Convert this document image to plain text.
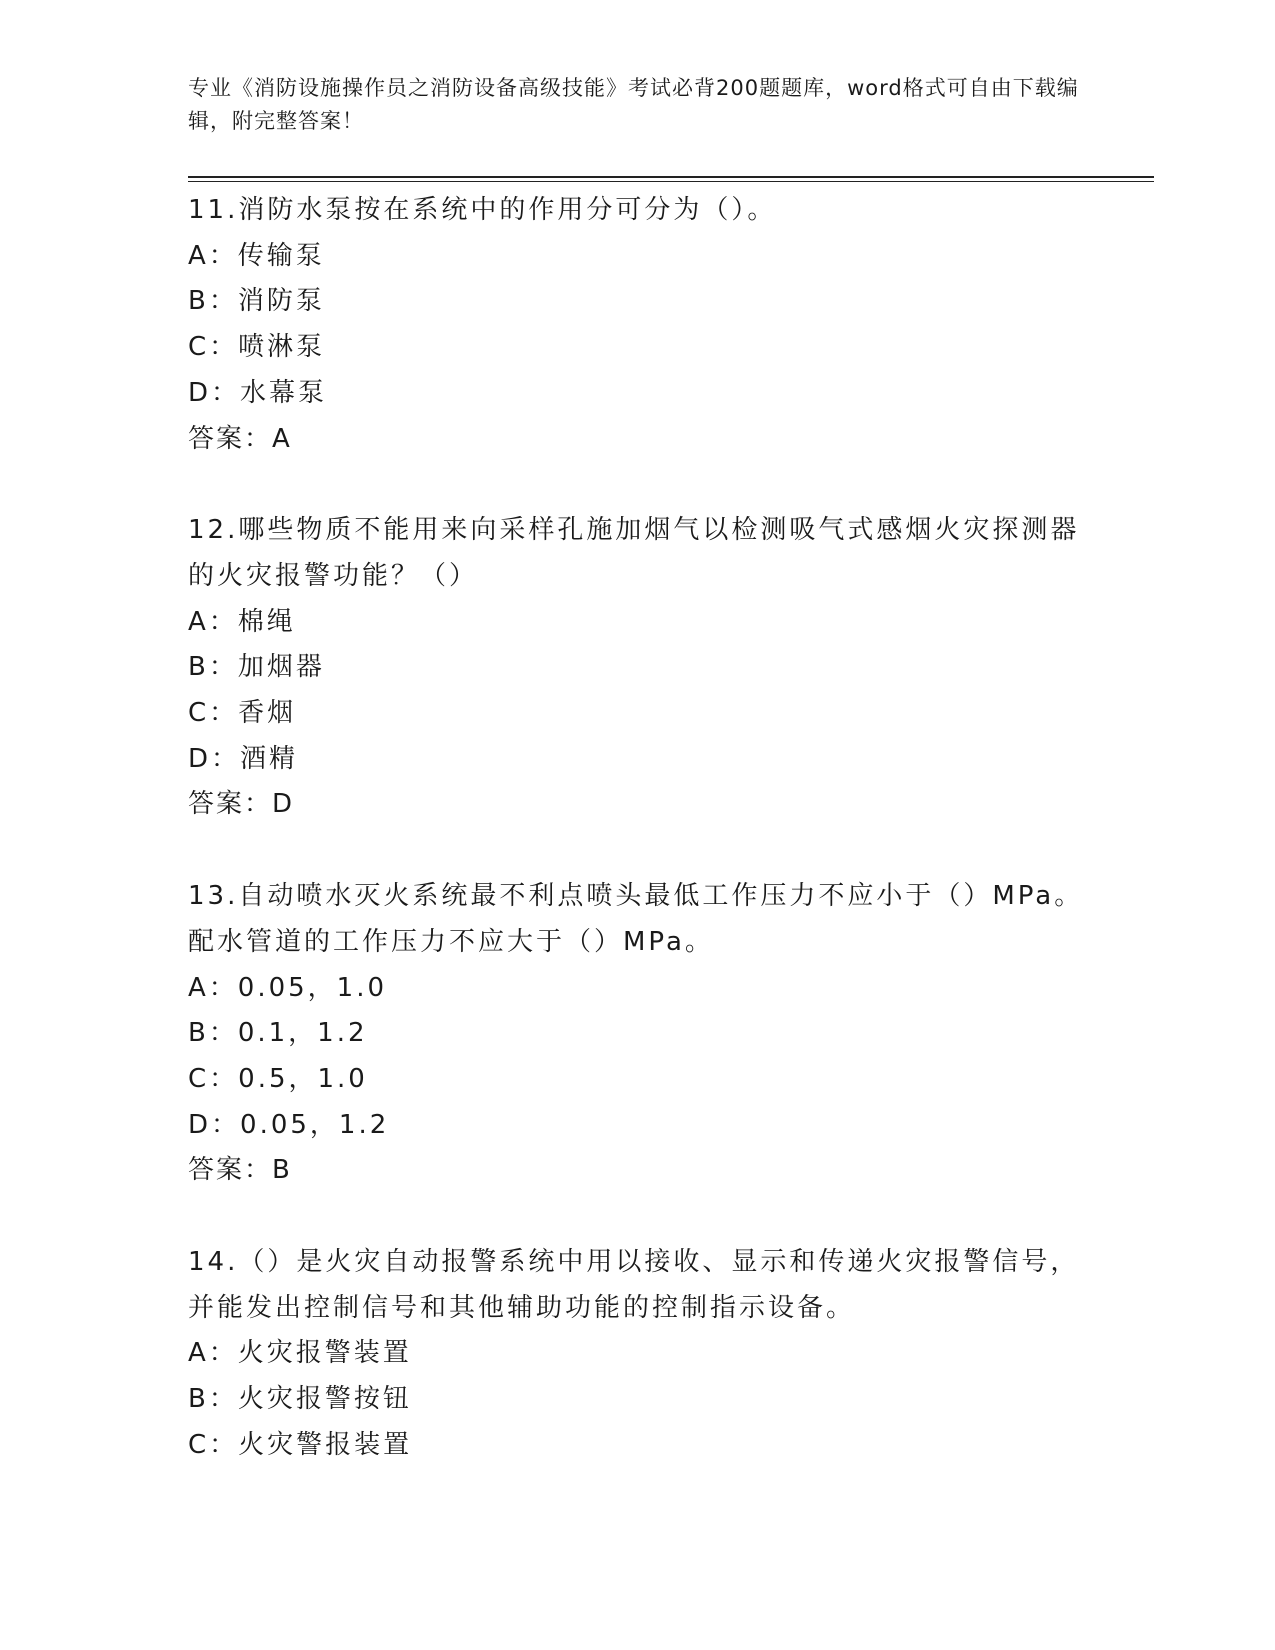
专业《消防设施操作员之消防设备高级技能》考试必背200题题库，word格式可自由下载编辑，附完整答案！

11.消防水泵按在系统中的作用分可分为（）。

A：传输泵

B：消防泵

C：喷淋泵

D：水幕泵

答案：A

12.哪些物质不能用来向采样孔施加烟气以检测吸气式感烟火灾探测器

的火灾报警功能？（）

A：棉绳

B：加烟器

C：香烟

D：酒精

答案：D

13.自动喷水灭火系统最不利点喷头最低工作压力不应小于（）MPa。

配水管道的工作压力不应大于（）MPa。

A：0.05，1.0

B：0.1，1.2

C：0.5，1.0

D：0.05，1.2

答案：B

14.（）是火灾自动报警系统中用以接收、显示和传递火灾报警信号，

并能发出控制信号和其他辅助功能的控制指示设备。

A：火灾报警装置

B：火灾报警按钮

C：火灾警报装置
